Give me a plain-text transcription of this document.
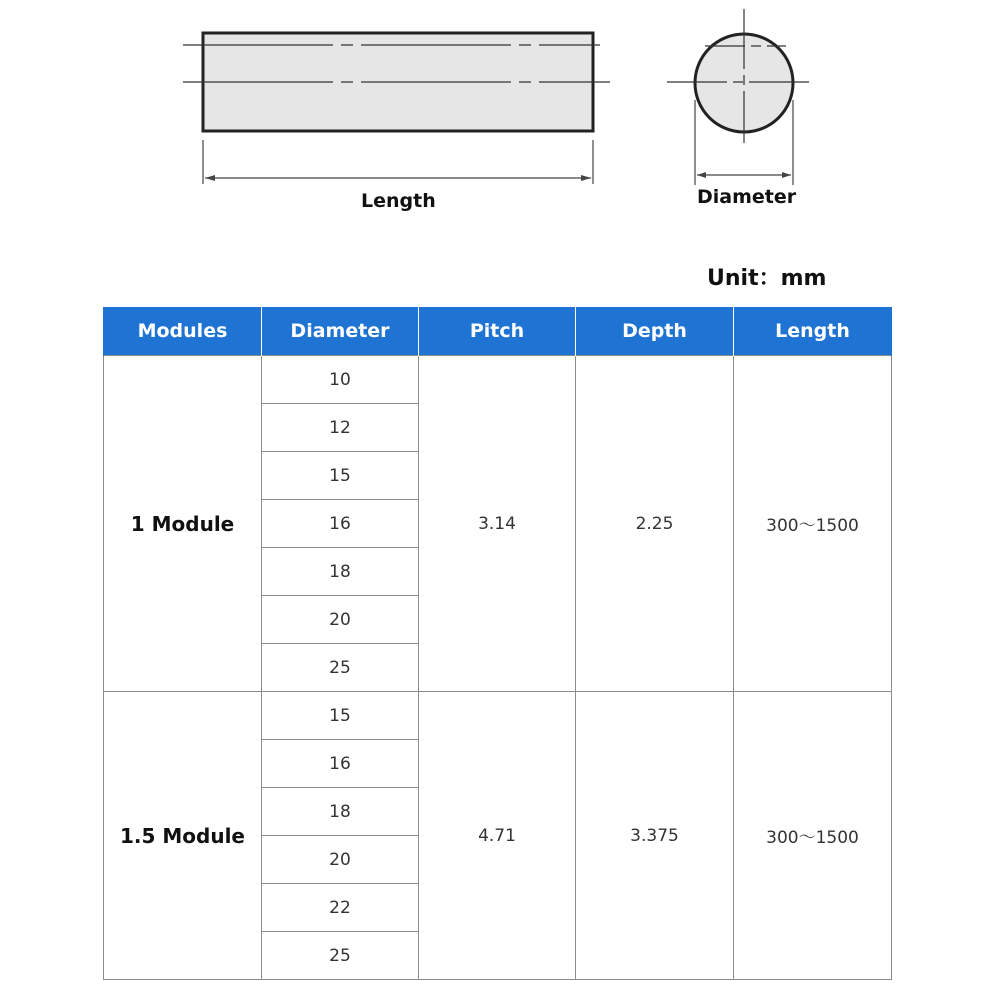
Length	Diameter
Unit：mm
Modules	Diameter	Pitch	Depth	Length
1 Module	10	3.14	2.25	300～1500
	12			
	15			
	16			
	18			
	20			
	25			
1.5 Module	15	4.71	3.375	300～1500
	16			
	18			
	20			
	22			
	25			
